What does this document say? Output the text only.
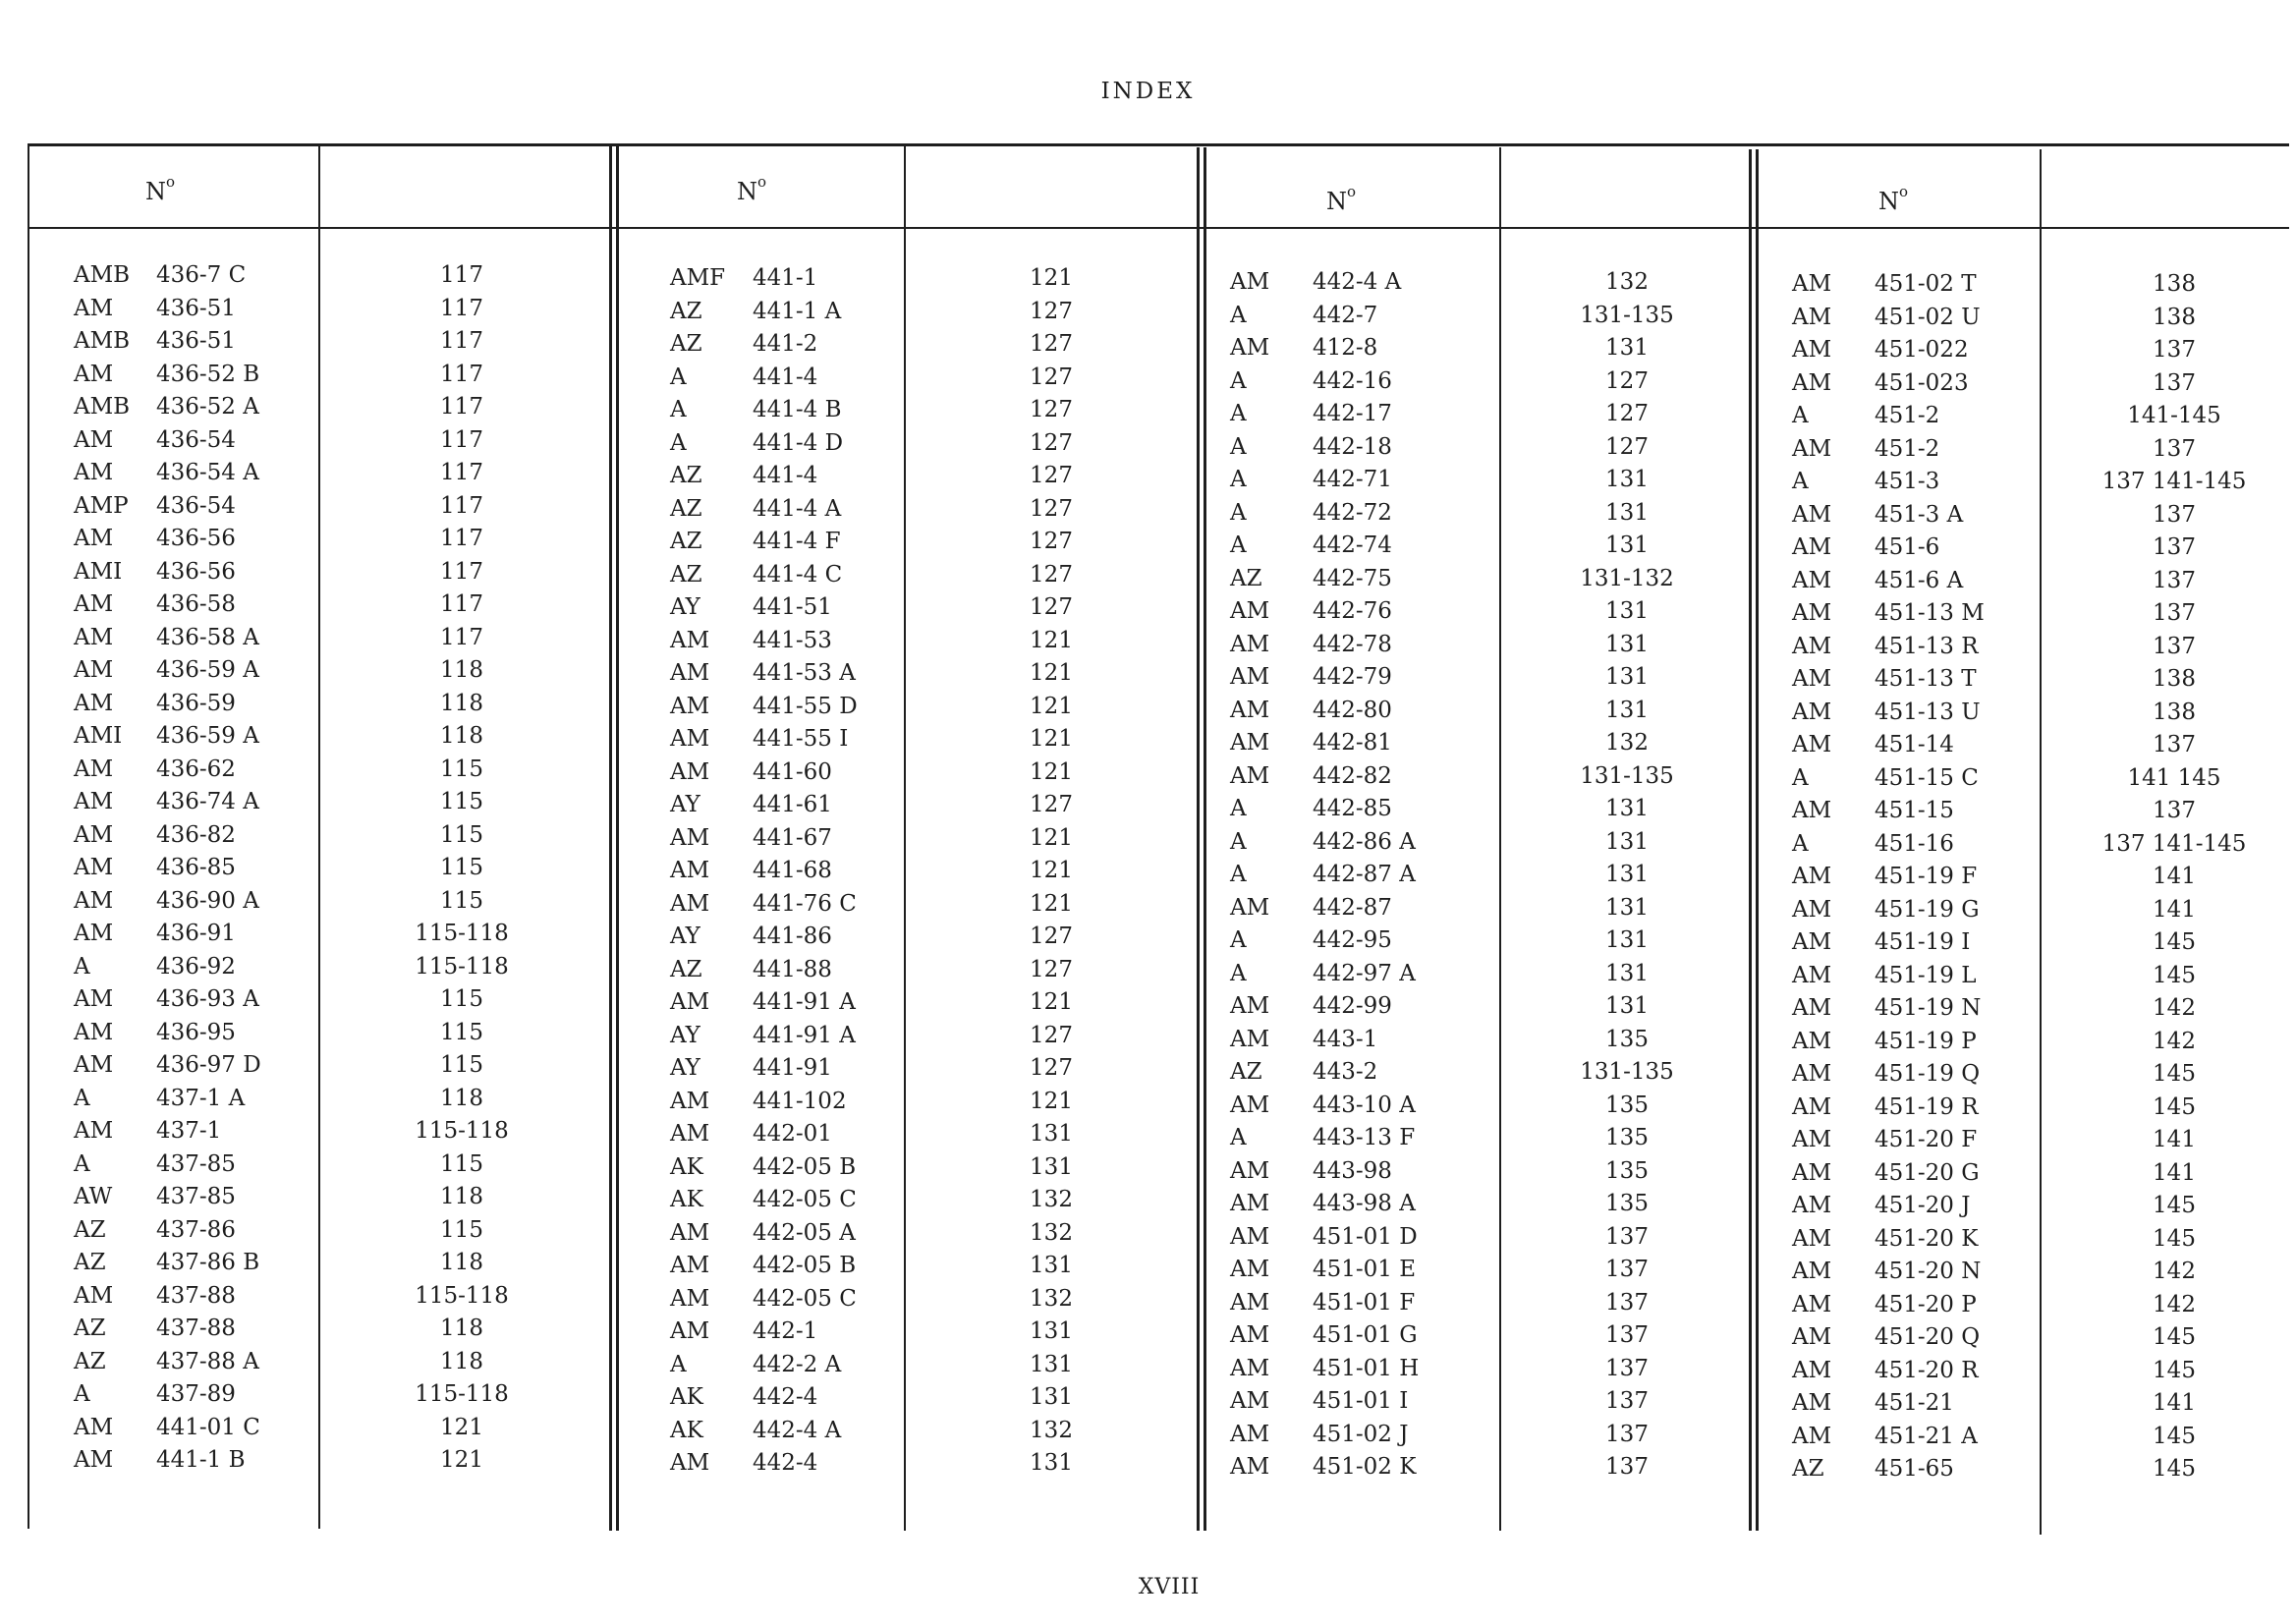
INDEX
$N^o$	$N^o$
$N^o$	$N^o$
AMB 436-7 C	117
AM 436-51	117
AMB 436-51	117
AM 436-52 B	117
AMB 436-52 A	117
AM 436-54	117
AM 436-54 A	117
AMP 436-54	117
AM 436-56	117
AMI 436-56	117
AM 436-58	117
AM 436-58 A	117
AM 436-59 A	118
AM 436-59	118
AMI 436-59 A	118
AM 436-62	115
AM 436-74 A	115
AM 436-82	115
AM 436-85	115
AM 436-90 A	115
AM 436-91	115-118
A	436-92	115-118
AM 436-93 A	115
AM 436-95	115
AM 436-97 D	115
A	437-1 A	118
AM 437-1	115-118
A	437-85	115
AW 437-85	118
AZ 437-86	115
AZ 437-86 B	118
AM 437-88	115-118
AZ 437-88	118
AZ 437-88 A	118
A	437-89	115-118
AM 441-01 C	121
AM 441-1 B	121
AMF 441-1	121
AZ 441-1 A	127
AZ 441-2	127
A	441-4	127
A	441-4 B	127
A	441-4 D	127
AZ 441-4	127
AZ 441-4 A	127
AZ 441-4 F	127
AZ 441-4 C	127
AY 441-51	127
AM 441-53	121
AM 441-53 A	121
AM 441-55 D	121
AM 441-55 I	121
AM 441-60	121
AY 441-61	127
AM 441-67	121
AM 441-68	121
AM 441-76 C	121
AY 441-86	127
AZ 441-88	127
AM 441-91 A	121
AY 441-91 A	127
AY 441-91	127
AM 441-102	121
AM 442-01	131
AK 442-05 B	131
AK 442-05 C	132
AM 442-05 A	132
AM 442-05 B	131
AM 442-05 C	132
AM 442-1	131
A	442-2 A	131
AK 442-4	131
AK 442-4 A	132
AM 442-4	131
AM 442-4 A	132
A	442-7	131-135
AM 412-8	131
A	442-16	127
A	442-17	127
A	442-18	127
A	442-71	131
A	442-72	131
A	442-74	131
AZ 442-75	131-132
AM 442-76	131
AM 442-78	131
AM 442-79	131
AM 442-80	131
AM 442-81	132
AM 442-82	131-135
A	442-85	131
A	442-86 A	131
A	442-87 A	131
AM 442-87	131
A	442-95	131
A	442-97 A	131
AM 442-99	131
AM 443-1	135
AZ 443-2	131-135
AM 443-10 A	135
A	443-13 F	135
AM 443-98	135
AM 443-98 A	135
AM 451-01 D	137
AM 451-01 E	137
AM 451-01 F	137
AM 451-01 G	137
AM 451-01 H	137
AM 451-01 I	137
AM 451-02 J	137
AM 451-02 K	137
AM 451-02 T	138
AM 451-02 U	138
AM 451-022	137
AM 451-023	137
A	451-2	141-145
AM 451-2	137
A	451-3	137 141-145
AM 451-3 A	137
AM 451-6	137
AM 451-6 A	137
AM 451-13 M	137
AM 451-13 R	137
AM 451-13 T	138
AM 451-13 U	138
AM 451-14	137
A	451-15 C	141 145
AM 451-15	137
A	451-16	137 141-145
AM 451-19 F	141
AM 451-19 G	141
AM 451-19 I	145
AM 451-19 L	145
AM 451-19 N	142
AM 451-19 P	142
AM 451-19 Q	145
AM 451-19 R	145
AM 451-20 F	141
AM 451-20 G	141
AM 451-20 J	145
AM 451-20 K	145
AM 451-20 N	142
AM 451-20 P	142
AM 451-20 Q	145
AM 451-20 R	145
AM 451-21	141
AM 451-21 A	145
AZ 451-65	145
XVIII
